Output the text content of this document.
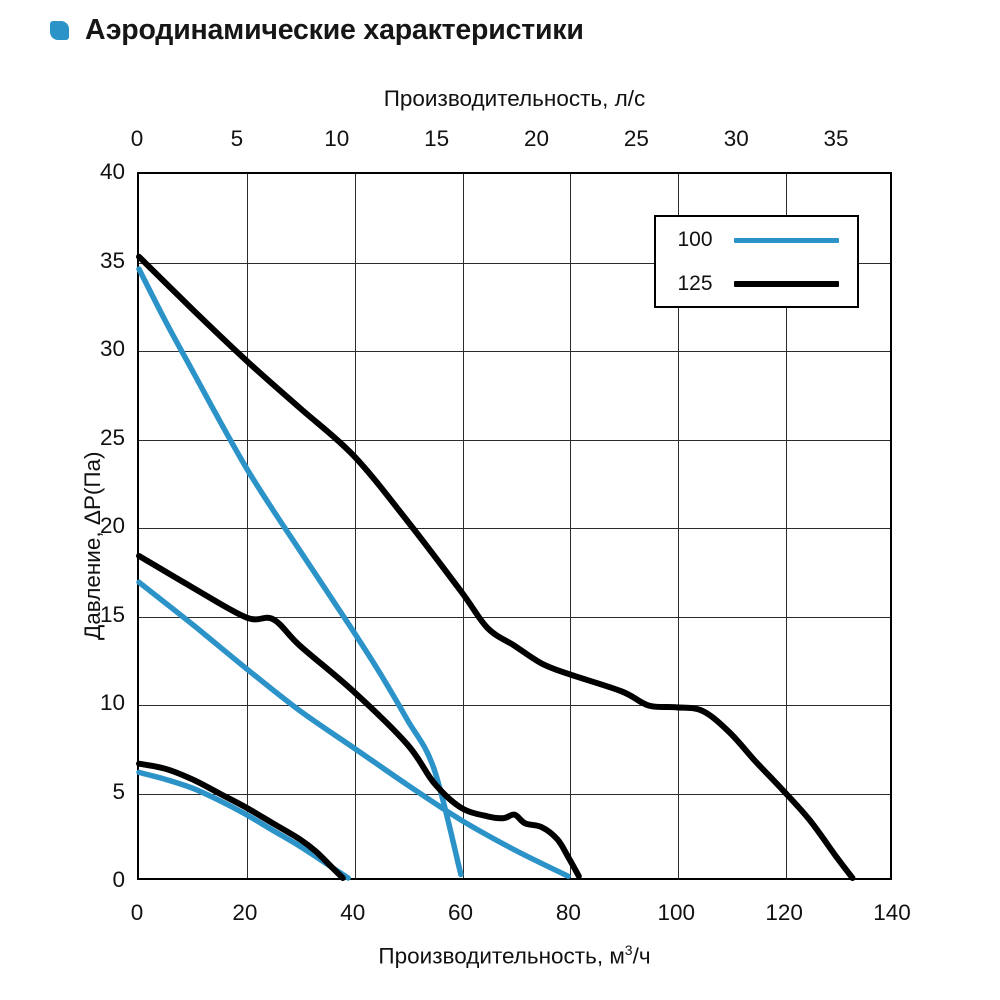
Аэродинамические характеристики
Производительность, л/с
Производительность, $м^3/ч$
Давление, ΔP(Па)
0	5	10	15	20	25	30	35
0	20	40	60	80	100	120	140
0
5
10
15
20
25
30
35
40
100
125
